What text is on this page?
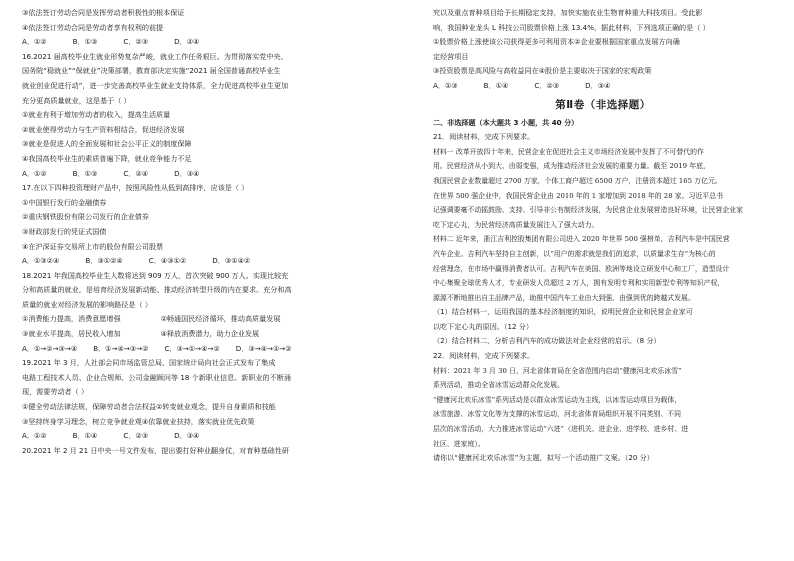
③依法签订劳动合同是发挥劳动者积极性的根本保证
④依法签订劳动合同是劳动者享有权利的前提
A．①②	B．①③	C．②③	D．②④
16.2021 届高校毕业生就业形势复杂严峻，就业工作任务艰巨。为贯彻落实党中央、
国务院“稳就业”“保就业”决策部署，教育部决定实施“2021 届全国普通高校毕业生
就业创业促进行动”，进一步完善高校毕业生就业支持体系，全力促进高校毕业生更加
充分更高质量就业，这是基于（ ）
①就业有利于增加劳动者的收入，提高生活质量
②就业使得劳动力与生产资料相结合，促进经济发展
③就业是促进人的全面发展和社会公平正义的制度保障
④我国高校毕业生的素质普遍下降，就业竞争能力不足
A．①②	B．①③	C．②④	D．③④
17.在以下四种投资理财产品中，按照风险性从低到高排序，应该是（ ）
①中国银行发行的金融债券
②重庆钢铁股份有限公司发行的企业债券
③财政部发行的凭证式国债
④在沪深证券交易所上市的股份有限公司股票
A．①③②④	B．③①②④	C．④③①②	D．③①④②
18.2021 年我国高校毕业生人数将达到 909 万人，首次突破 900 万人。实现比较充
分和高质量的就业，是培育经济发展新动能、推动经济转型升级的内在要求。充分和高
质量的就业对经济发展的影响路径是（ ）
①消费能力提高，消费意愿增强	②畅通国民经济循环，推动高质量发展
③就业水平提高，居民收入增加	④释放消费潜力，助力企业发展
A．①→②→③→④ B．①→④→③→② C．③→①→④→② D．③→④→①→②
19.2021 年 3 月，人社部会同市场监管总局、国家统计局向社会正式发布了集成
电路工程技术人员、企业合规师、公司金融顾问等 18 个新职业信息。新职业的不断涌
现，需要劳动者（ ）
①健全劳动法律法规，保障劳动者合法权益②转变就业观念，提升自身素质和技能
③坚持终身学习理念，树立竞争就业观④依靠就业扶持，落实就业优先政策
A．①②	B．①④	C．②③	D．③④
20.2021 年 2 月 21 日中央一号文件发布，提出要打好种业翻身仗，对育种基础性研
究以及重点育种项目给予长期稳定支持，加快实施农业生物育种重大科技项目。受此影
响，我国种业龙头 L 科技公司股票价格上涨 13.4%，据此材料，下列选项正确的是（ ）
①股票价格上涨使该公司获得更多可利用资本②企业要根据国家重点发展方向确
定经营项目
③投资股票是高风险与高收益同在④股价是主要取决于国家的宏观政策
A．①③	B．①④	C．②③	D．③④
第Ⅱ卷（非选择题）
二、非选择题（本大题共 3 小题，共 40 分）
21．阅读材料，完成下列要求。
材料一 改革开放四十年来，民营企业在促进社会主义市场经济发展中发挥了不可替代的作
用。民营经济从小到大、由弱变强，成为推动经济社会发展的重要力量。截至 2019 年底，
我国民营企业数量超过 2700 万家，个体工商户超过 6500 万户，注册资本超过 165 万亿元。
在世界 500 强企业中，我国民营企业由 2010 年的 1 家增加到 2018 年的 28 家。习近平总书
记强调要毫不动摇鼓励、支持、引导非公有制经济发展，为民营企业发展营造良好环境，让民营企业家
吃下定心丸，为民营经济高质量发展注入了强大动力。
材料二 近年来，浙江吉利控股集团有限公司进入 2020 年世界 500 强榜单，吉利汽车是中国民营
汽车企业。吉利汽车坚持自主创新，以“用户的需求就是我们的追求，以质量求生存”为核心的
经营理念，在市场中赢得消费者认可。吉利汽车在美国、欧洲等地设立研发中心和工厂，造型设计
中心集聚全球优秀人才，专业研发人员超过 2 万人，拥有发明专利和实用新型专利等知识产权，
源源不断地推出自主品牌产品，助推中国汽车工业由大到强、由强到优的跨越式发展。
（1）结合材料一，运用我国的基本经济制度的知识，说明民营企业和民营企业家可
以吃下定心丸的原因。（12 分）
（2）结合材料二，分析吉利汽车的成功做法对企业经营的启示。（8 分）
22．阅读材料，完成下列要求。
材料：2021 年 3 月 30 日，河北省体育局在全省范围内启动“健康河北欢乐冰雪”
系列活动，推动全省冰雪运动群众化发展。
“健康河北欢乐冰雪”系列活动是以群众冰雪运动为主线，以冰雪运动项目为载体，
冰雪旅游、冰雪文化等为支撑的冰雪运动，河北省体育局组织开展不同类别、不同
层次的冰雪活动，大力推进冰雪运动“六进”（进机关、进企业、进学校、进乡村、进
社区、进家庭）。
请你以“健康河北欢乐冰雪”为主题，拟写一个活动推广文案。（20 分）
